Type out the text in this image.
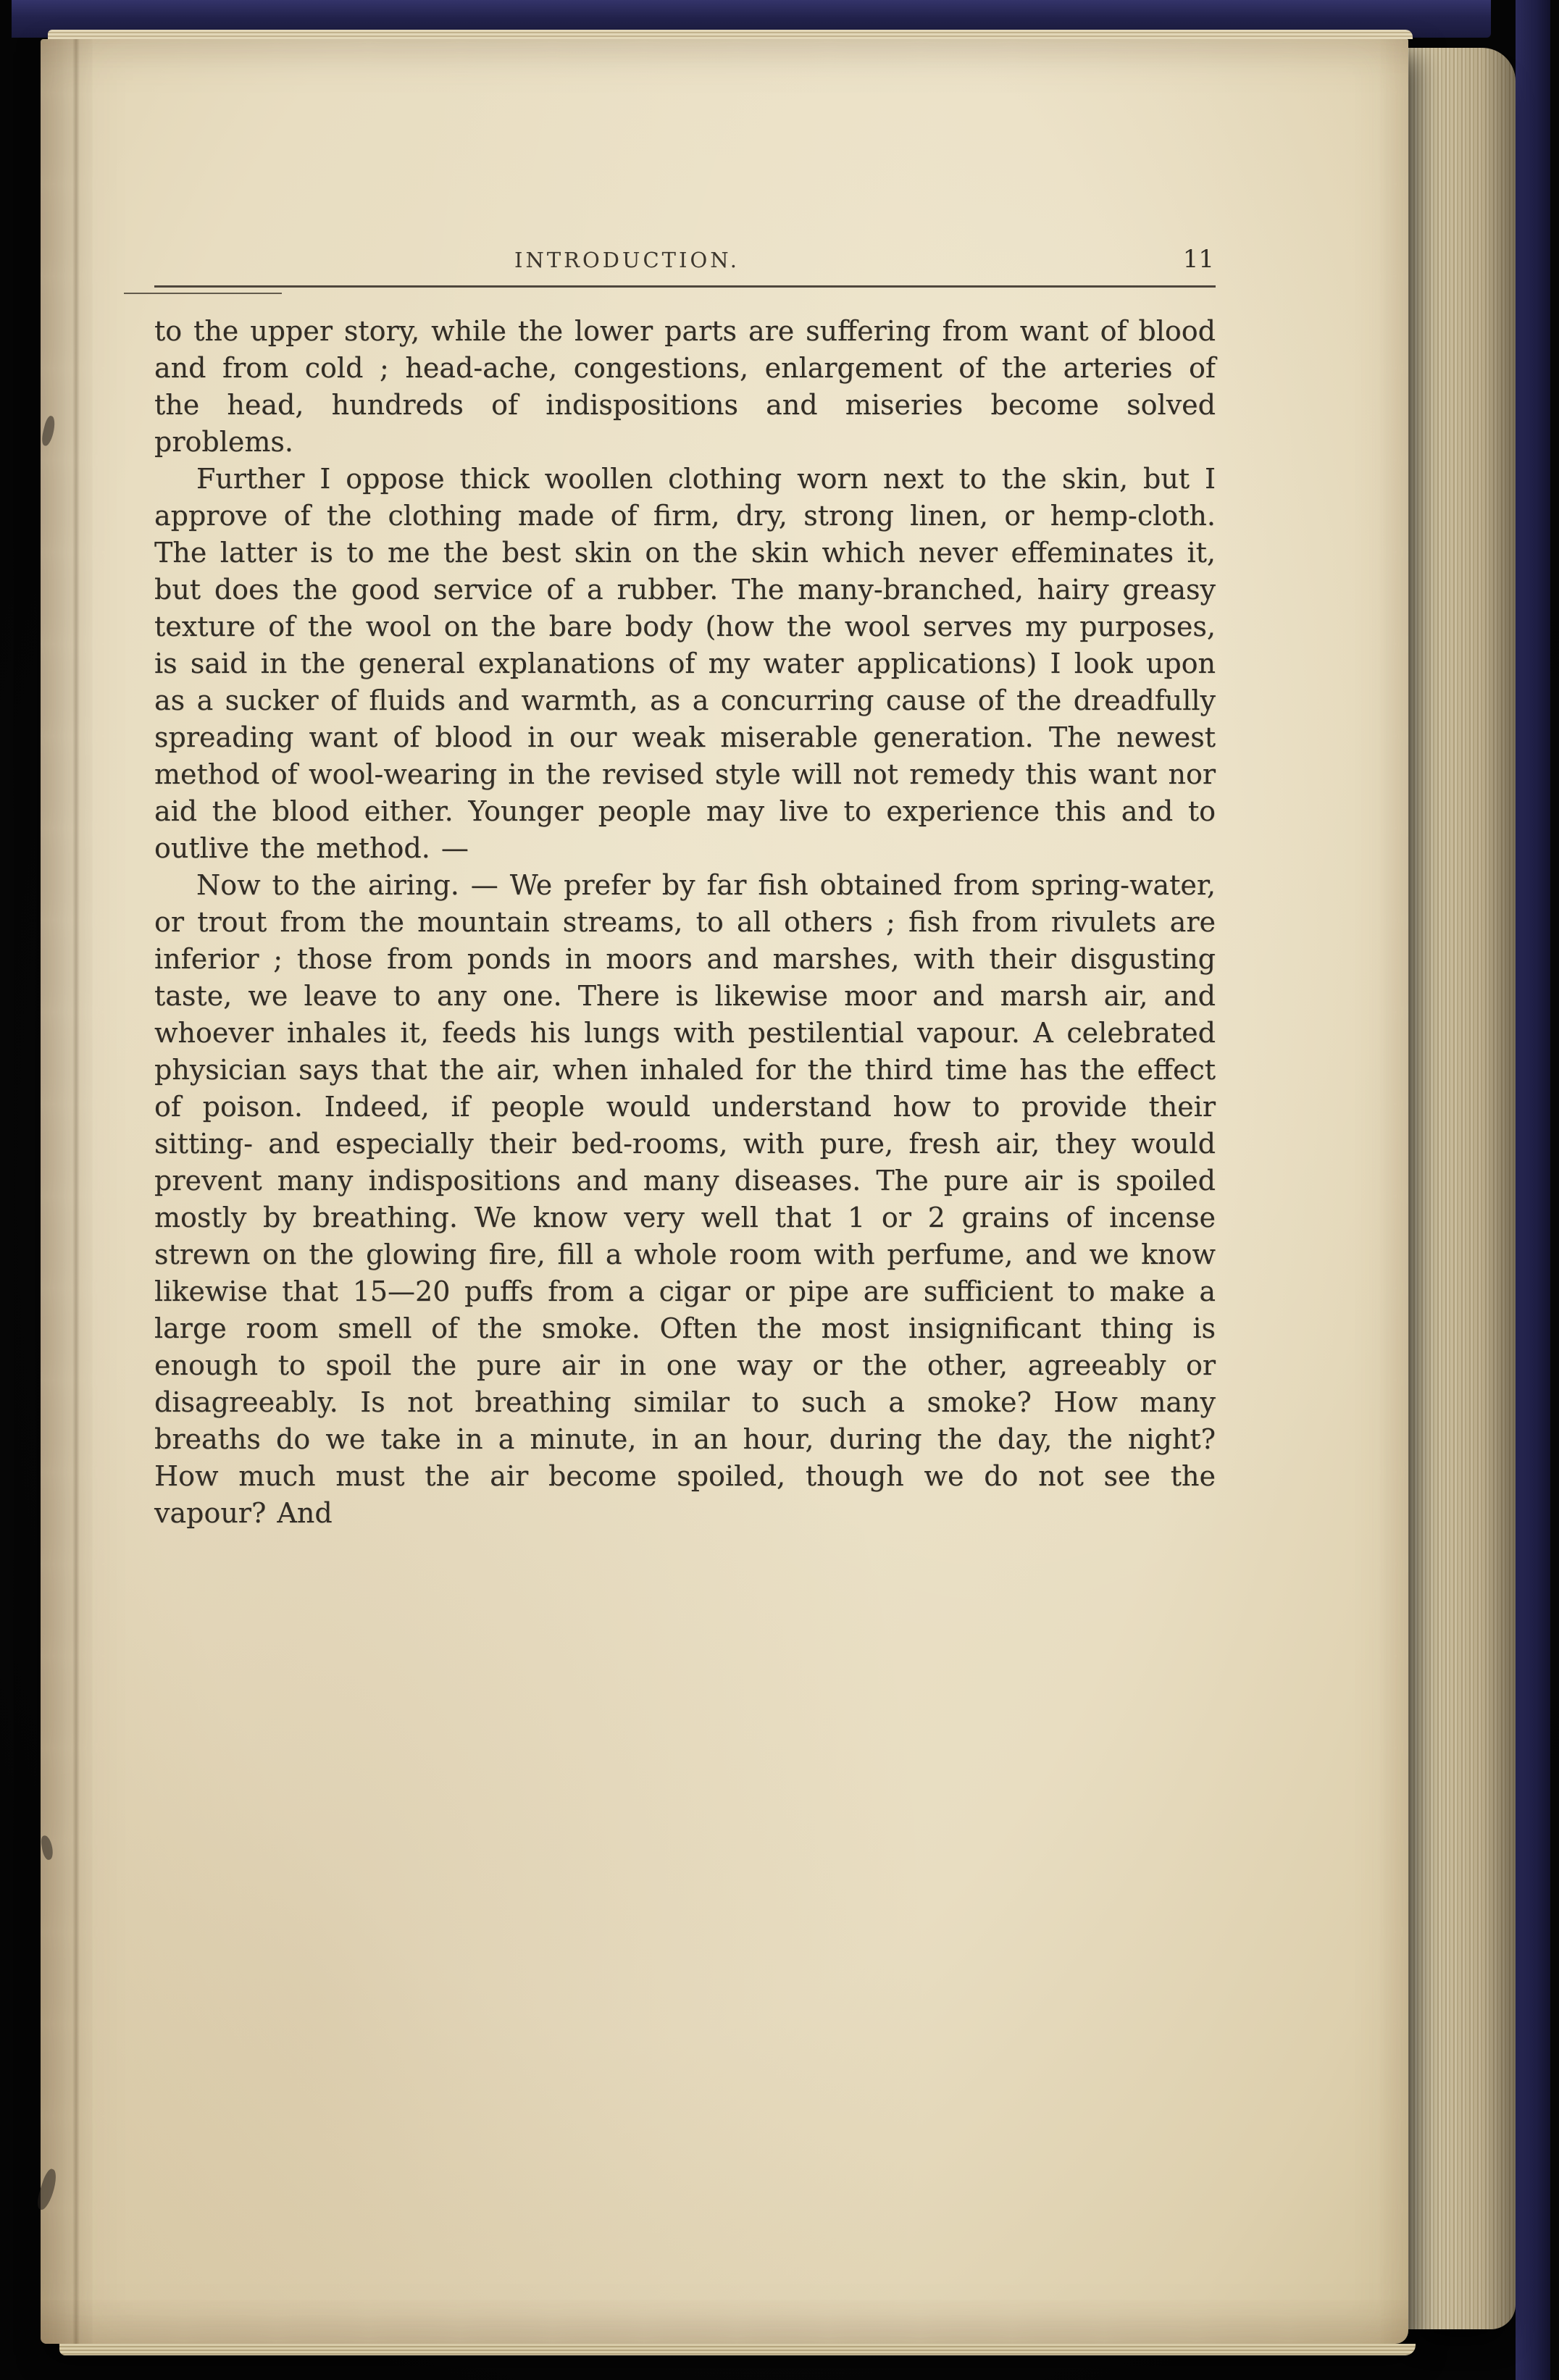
INTRODUCTION.	11

to the upper story, while the lower parts are suffering from want of blood and from cold ; head-ache, congestions, enlargement of the arteries of the head, hundreds of indispositions and miseries become solved problems.

Further I oppose thick woollen clothing worn next to the skin, but I approve of the clothing made of firm, dry, strong linen, or hemp-cloth. The latter is to me the best skin on the skin which never effeminates it, but does the good service of a rubber. The many-branched, hairy greasy texture of the wool on the bare body (how the wool serves my purposes, is said in the general explanations of my water applications) I look upon as a sucker of fluids and warmth, as a concurring cause of the dreadfully spreading want of blood in our weak miserable generation. The newest method of wool-wearing in the revised style will not remedy this want nor aid the blood either. Younger people may live to experience this and to outlive the method. —

Now to the airing. — We prefer by far fish obtained from spring-water, or trout from the mountain streams, to all others ; fish from rivulets are inferior ; those from ponds in moors and marshes, with their disgusting taste, we leave to any one. There is likewise moor and marsh air, and whoever inhales it, feeds his lungs with pestilential vapour. A celebrated physician says that the air, when inhaled for the third time has the effect of poison. Indeed, if people would understand how to provide their sitting- and especially their bed-rooms, with pure, fresh air, they would prevent many indispositions and many diseases. The pure air is spoiled mostly by breathing. We know very well that 1 or 2 grains of incense strewn on the glowing fire, fill a whole room with perfume, and we know likewise that 15—20 puffs from a cigar or pipe are sufficient to make a large room smell of the smoke. Often the most insignificant thing is enough to spoil the pure air in one way or the other, agreeably or disagreeably. Is not breathing similar to such a smoke? How many breaths do we take in a minute, in an hour, during the day, the night? How much must the air become spoiled, though we do not see the vapour? And
